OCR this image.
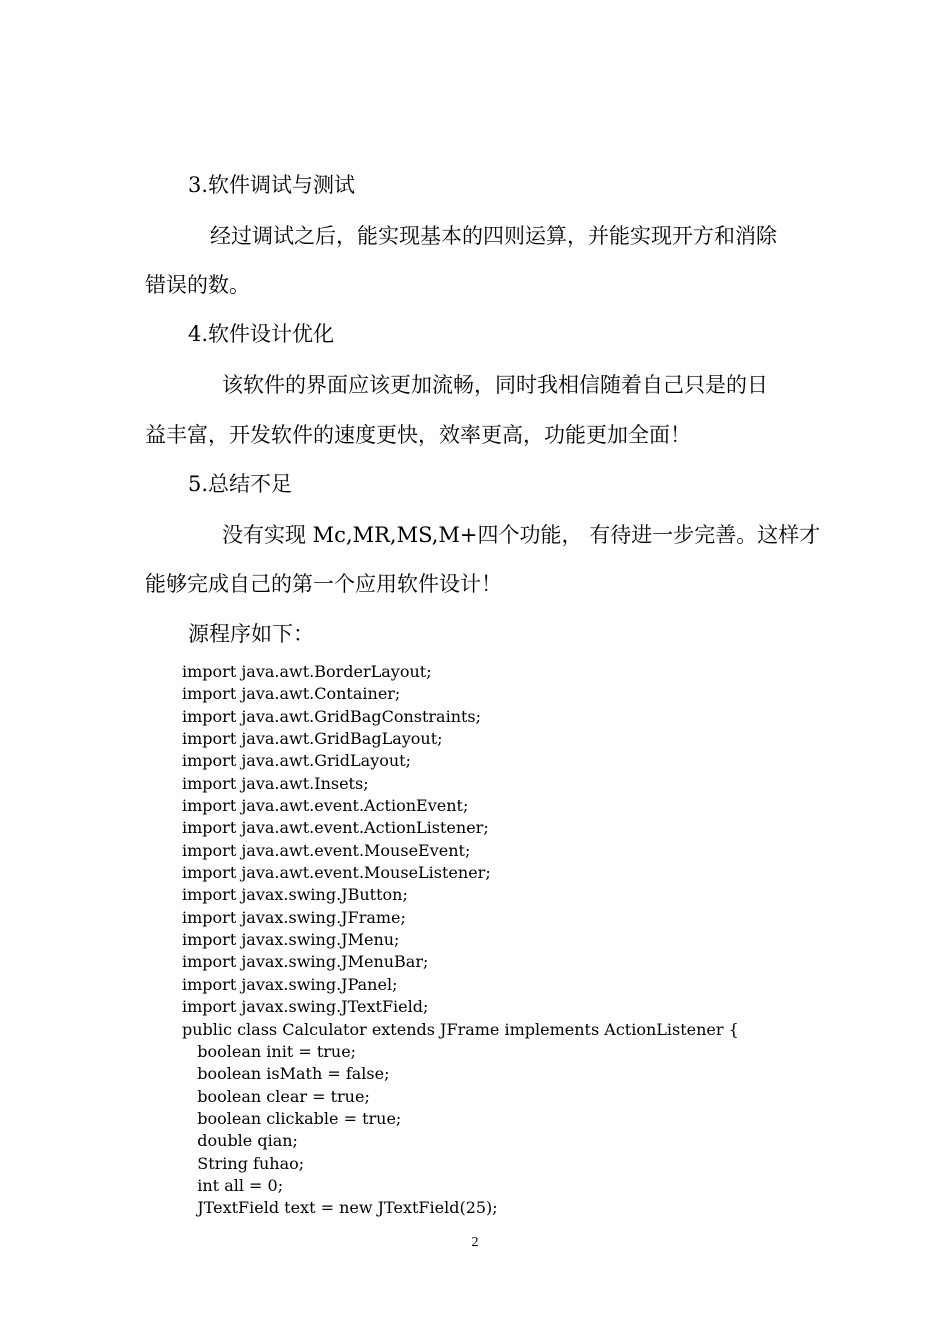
3.软件调试与测试
经过调试之后，能实现基本的四则运算，并能实现开方和消除
错误的数。
4.软件设计优化
该软件的界面应该更加流畅，同时我相信随着自己只是的日
益丰富，开发软件的速度更快，效率更高，功能更加全面！
5.总结不足
没有实现 Mc,MR,MS,M+四个功能， 有待进一步完善。这样才
能够完成自己的第一个应用软件设计！
源程序如下：
import java.awt.BorderLayout;
import java.awt.Container;
import java.awt.GridBagConstraints;
import java.awt.GridBagLayout;
import java.awt.GridLayout;
import java.awt.Insets;
import java.awt.event.ActionEvent;
import java.awt.event.ActionListener;
import java.awt.event.MouseEvent;
import java.awt.event.MouseListener;
import javax.swing.JButton;
import javax.swing.JFrame;
import javax.swing.JMenu;
import javax.swing.JMenuBar;
import javax.swing.JPanel;
import javax.swing.JTextField;
public class Calculator extends JFrame implements ActionListener {
boolean init = true;
boolean isMath = false;
boolean clear = true;
boolean clickable = true;
double qian;
String fuhao;
int all = 0;
JTextField text = new JTextField(25);
2
